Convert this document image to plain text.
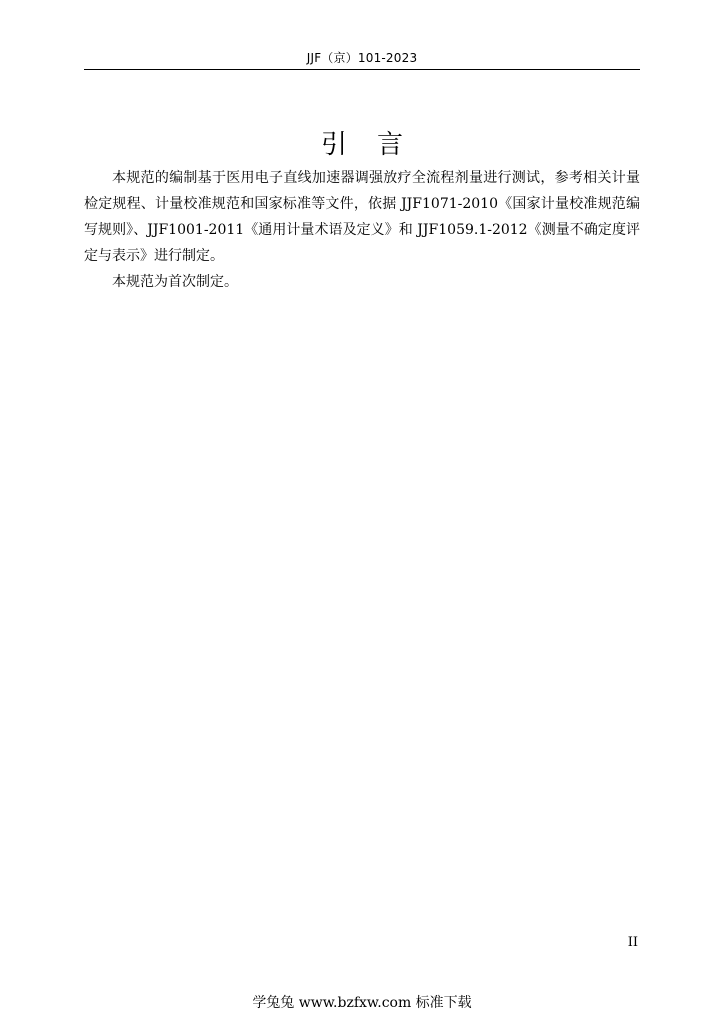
JJF（京）101-2023
引言

本规范的编制基于医用电子直线加速器调强放疗全流程剂量进行测试，参考相关计量检定规程、计量校准规范和国家标准等文件，依据 JJF1071-2010《国家计量校准规范编写规则》、JJF1001-2011《通用计量术语及定义》和 JJF1059.1-2012《测量不确定度评定与表示》进行制定。

本规范为首次制定。

II
学兔兔 www.bzfxw.com 标准下载
